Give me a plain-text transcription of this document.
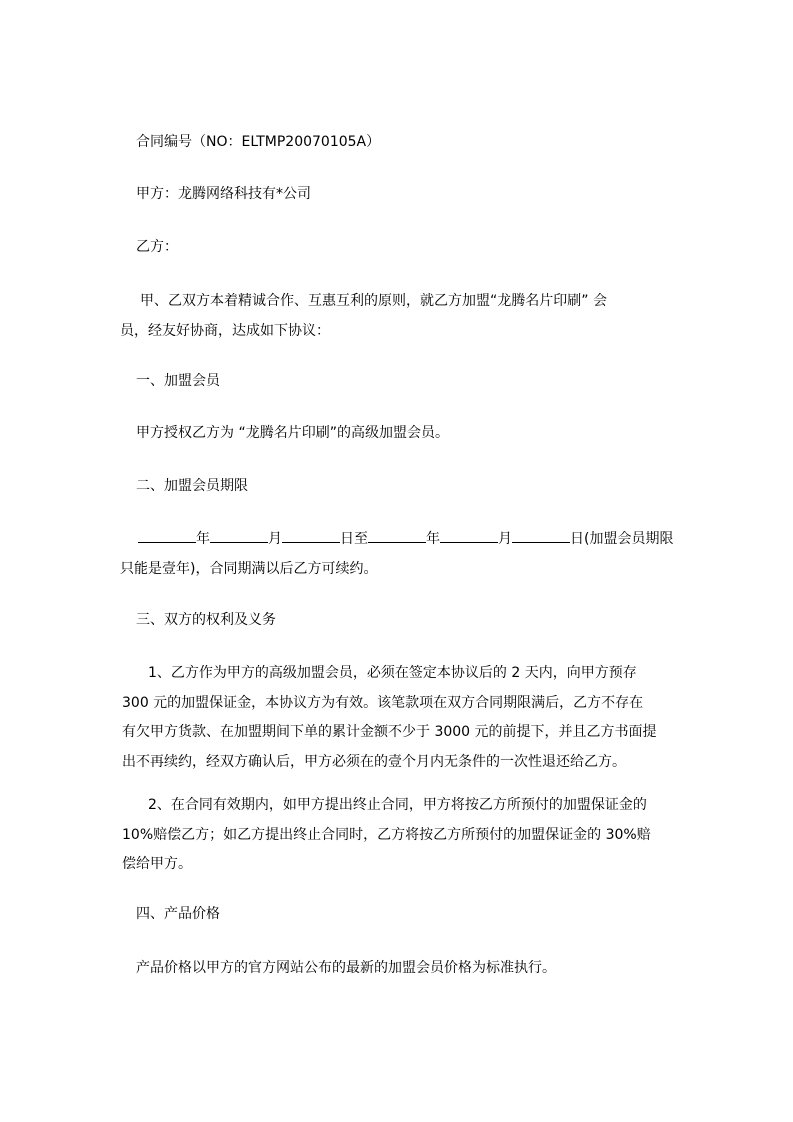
合同编号（NO：ELTMP20070105A）
甲方：龙腾网络科技有*公司
乙方：
甲、乙双方本着精诚合作、互惠互利的原则，就乙方加盟“龙腾名片印刷” 会
员，经友好协商，达成如下协议：
一、加盟会员
甲方授权乙方为 “龙腾名片印刷”的高级加盟会员。
二、加盟会员期限
年	月	日至	年	月	日(加盟会员期限
只能是壹年)，合同期满以后乙方可续约。
三、双方的权利及义务
1、乙方作为甲方的高级加盟会员，必须在签定本协议后的 2 天内，向甲方预存
300 元的加盟保证金，本协议方为有效。该笔款项在双方合同期限满后，乙方不存在
有欠甲方货款、在加盟期间下单的累计金额不少于 3000 元的前提下，并且乙方书面提
出不再续约，经双方确认后，甲方必须在的壹个月内无条件的一次性退还给乙方。
2、在合同有效期内，如甲方提出终止合同，甲方将按乙方所预付的加盟保证金的
10%赔偿乙方；如乙方提出终止合同时，乙方将按乙方所预付的加盟保证金的 30%赔
偿给甲方。
四、产品价格
产品价格以甲方的官方网站公布的最新的加盟会员价格为标准执行。
